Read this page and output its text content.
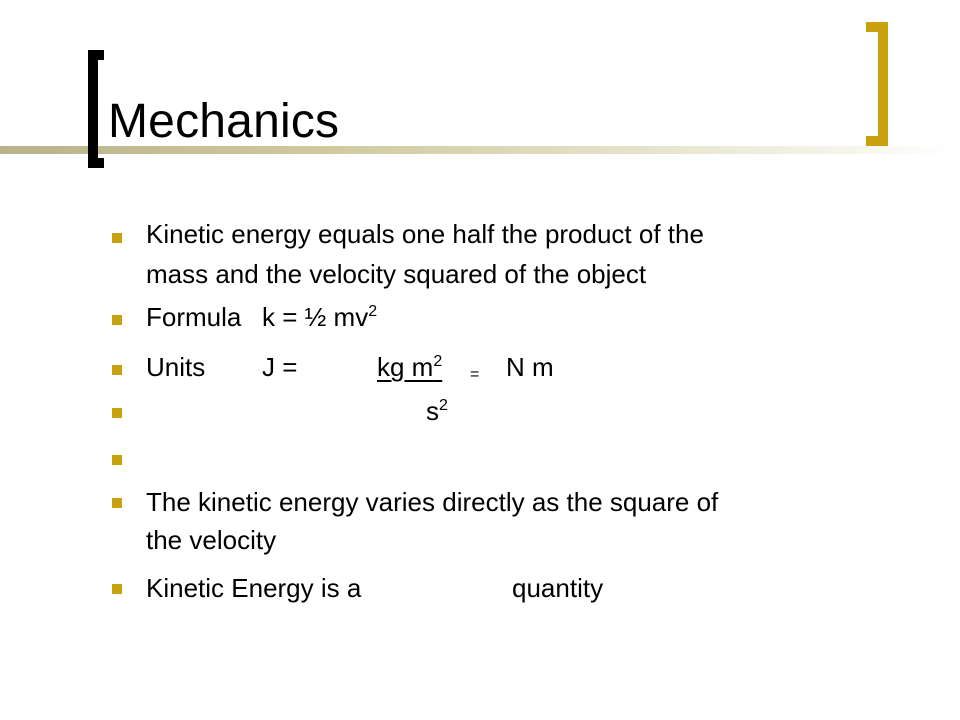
Mechanics
Kinetic energy equals one half the product of the
mass and the velocity squared of the object
Formula k = ½ $mv^2$
Units J =	kg $m^2$
= N m
$s^2$
The kinetic energy varies directly as the square of
the velocity
Kinetic Energy is a	quantity
